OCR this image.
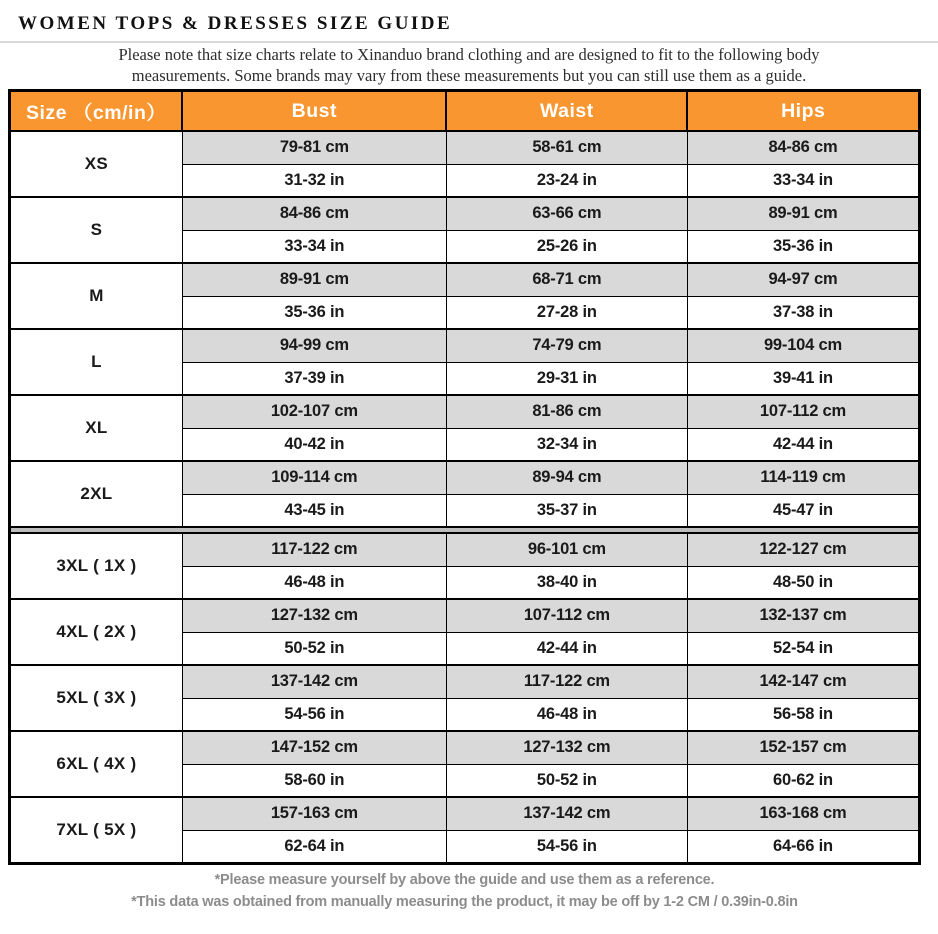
WOMEN TOPS & DRESSES SIZE GUIDE
Please note that size charts relate to Xinanduo brand clothing and are designed to fit to the following body
measurements. Some brands may vary from these measurements but you can still use them as a guide.
Size （cm/in）	Bust	Waist	Hips
XS	79-81 cm	58-61 cm	84-86 cm
	31-32 in	23-24 in	33-34 in
S	84-86 cm	63-66 cm	89-91 cm
	33-34 in	25-26 in	35-36 in
M	89-91 cm	68-71 cm	94-97 cm
	35-36 in	27-28 in	37-38 in
L	94-99 cm	74-79 cm	99-104 cm
	37-39 in	29-31 in	39-41 in
XL	102-107 cm	81-86 cm	107-112 cm
	40-42 in	32-34 in	42-44 in
2XL	109-114 cm	89-94 cm	114-119 cm
	43-45 in	35-37 in	45-47 in

3XL ( 1X )	117-122 cm	96-101 cm	122-127 cm
	46-48 in	38-40 in	48-50 in
4XL ( 2X )	127-132 cm	107-112 cm	132-137 cm
	50-52 in	42-44 in	52-54 in
5XL ( 3X )	137-142 cm	117-122 cm	142-147 cm
	54-56 in	46-48 in	56-58 in
6XL ( 4X )	147-152 cm	127-132 cm	152-157 cm
	58-60 in	50-52 in	60-62 in
7XL ( 5X )	157-163 cm	137-142 cm	163-168 cm
	62-64 in	54-56 in	64-66 in
*Please measure yourself by above the guide and use them as a reference.
*This data was obtained from manually measuring the product, it may be off by 1-2 CM / 0.39in-0.8in
